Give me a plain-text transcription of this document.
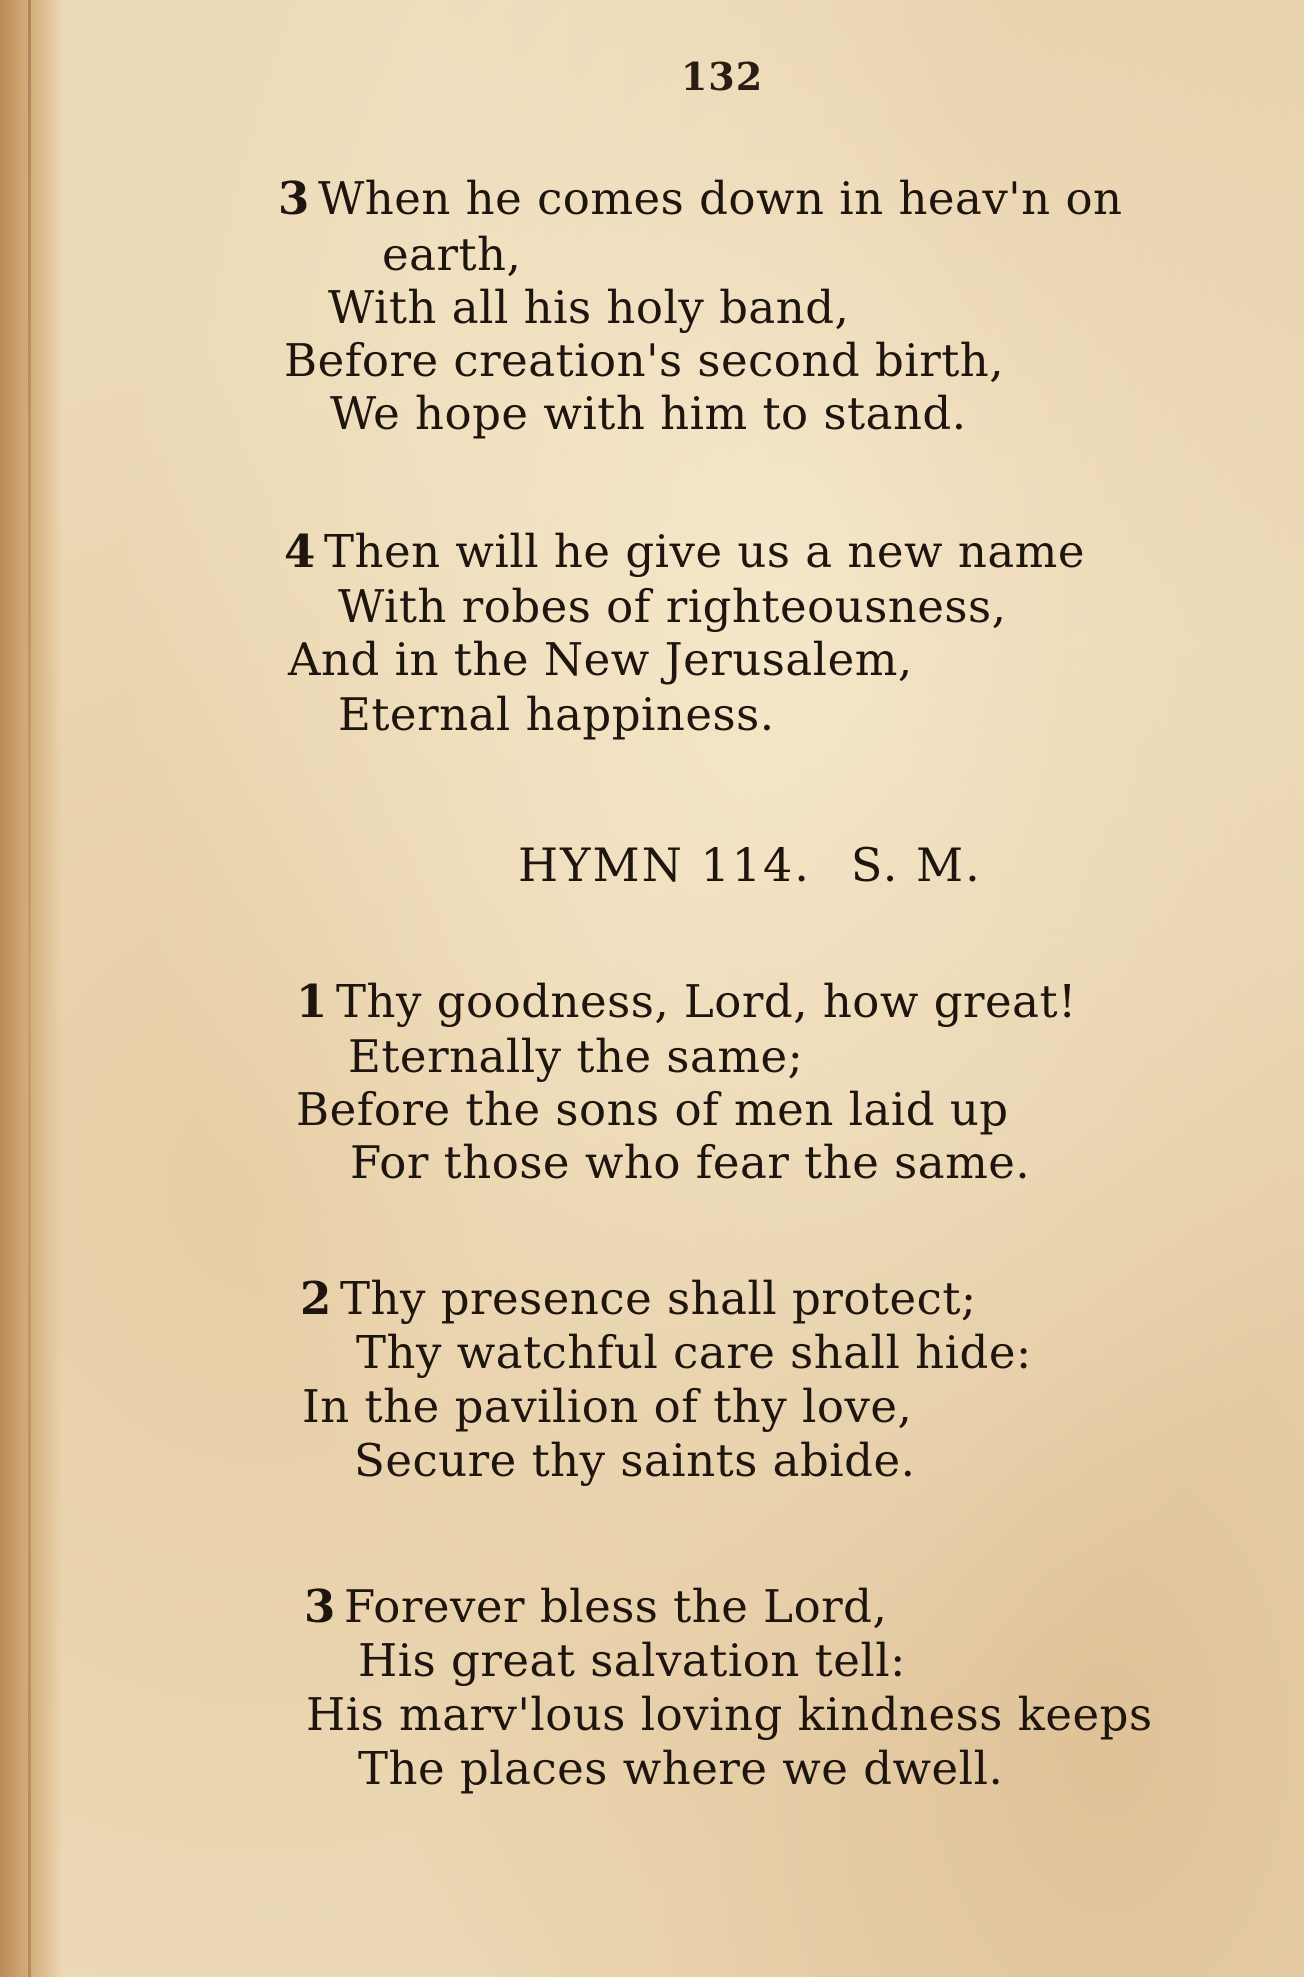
132
3 When he comes down in heav'n on
earth,
With all his holy band,
Before creation's second birth,
We hope with him to stand.
4 Then will he give us a new name
With robes of righteousness,
And in the New Jerusalem,
Eternal happiness.
HYMN 114. S. M.
1 Thy goodness, Lord, how great!
Eternally the same;
Before the sons of men laid up
For those who fear the same.
2 Thy presence shall protect;
Thy watchful care shall hide:
In the pavilion of thy love,
Secure thy saints abide.
3 Forever bless the Lord,
His great salvation tell:
His marv'lous loving kindness keeps
The places where we dwell.
